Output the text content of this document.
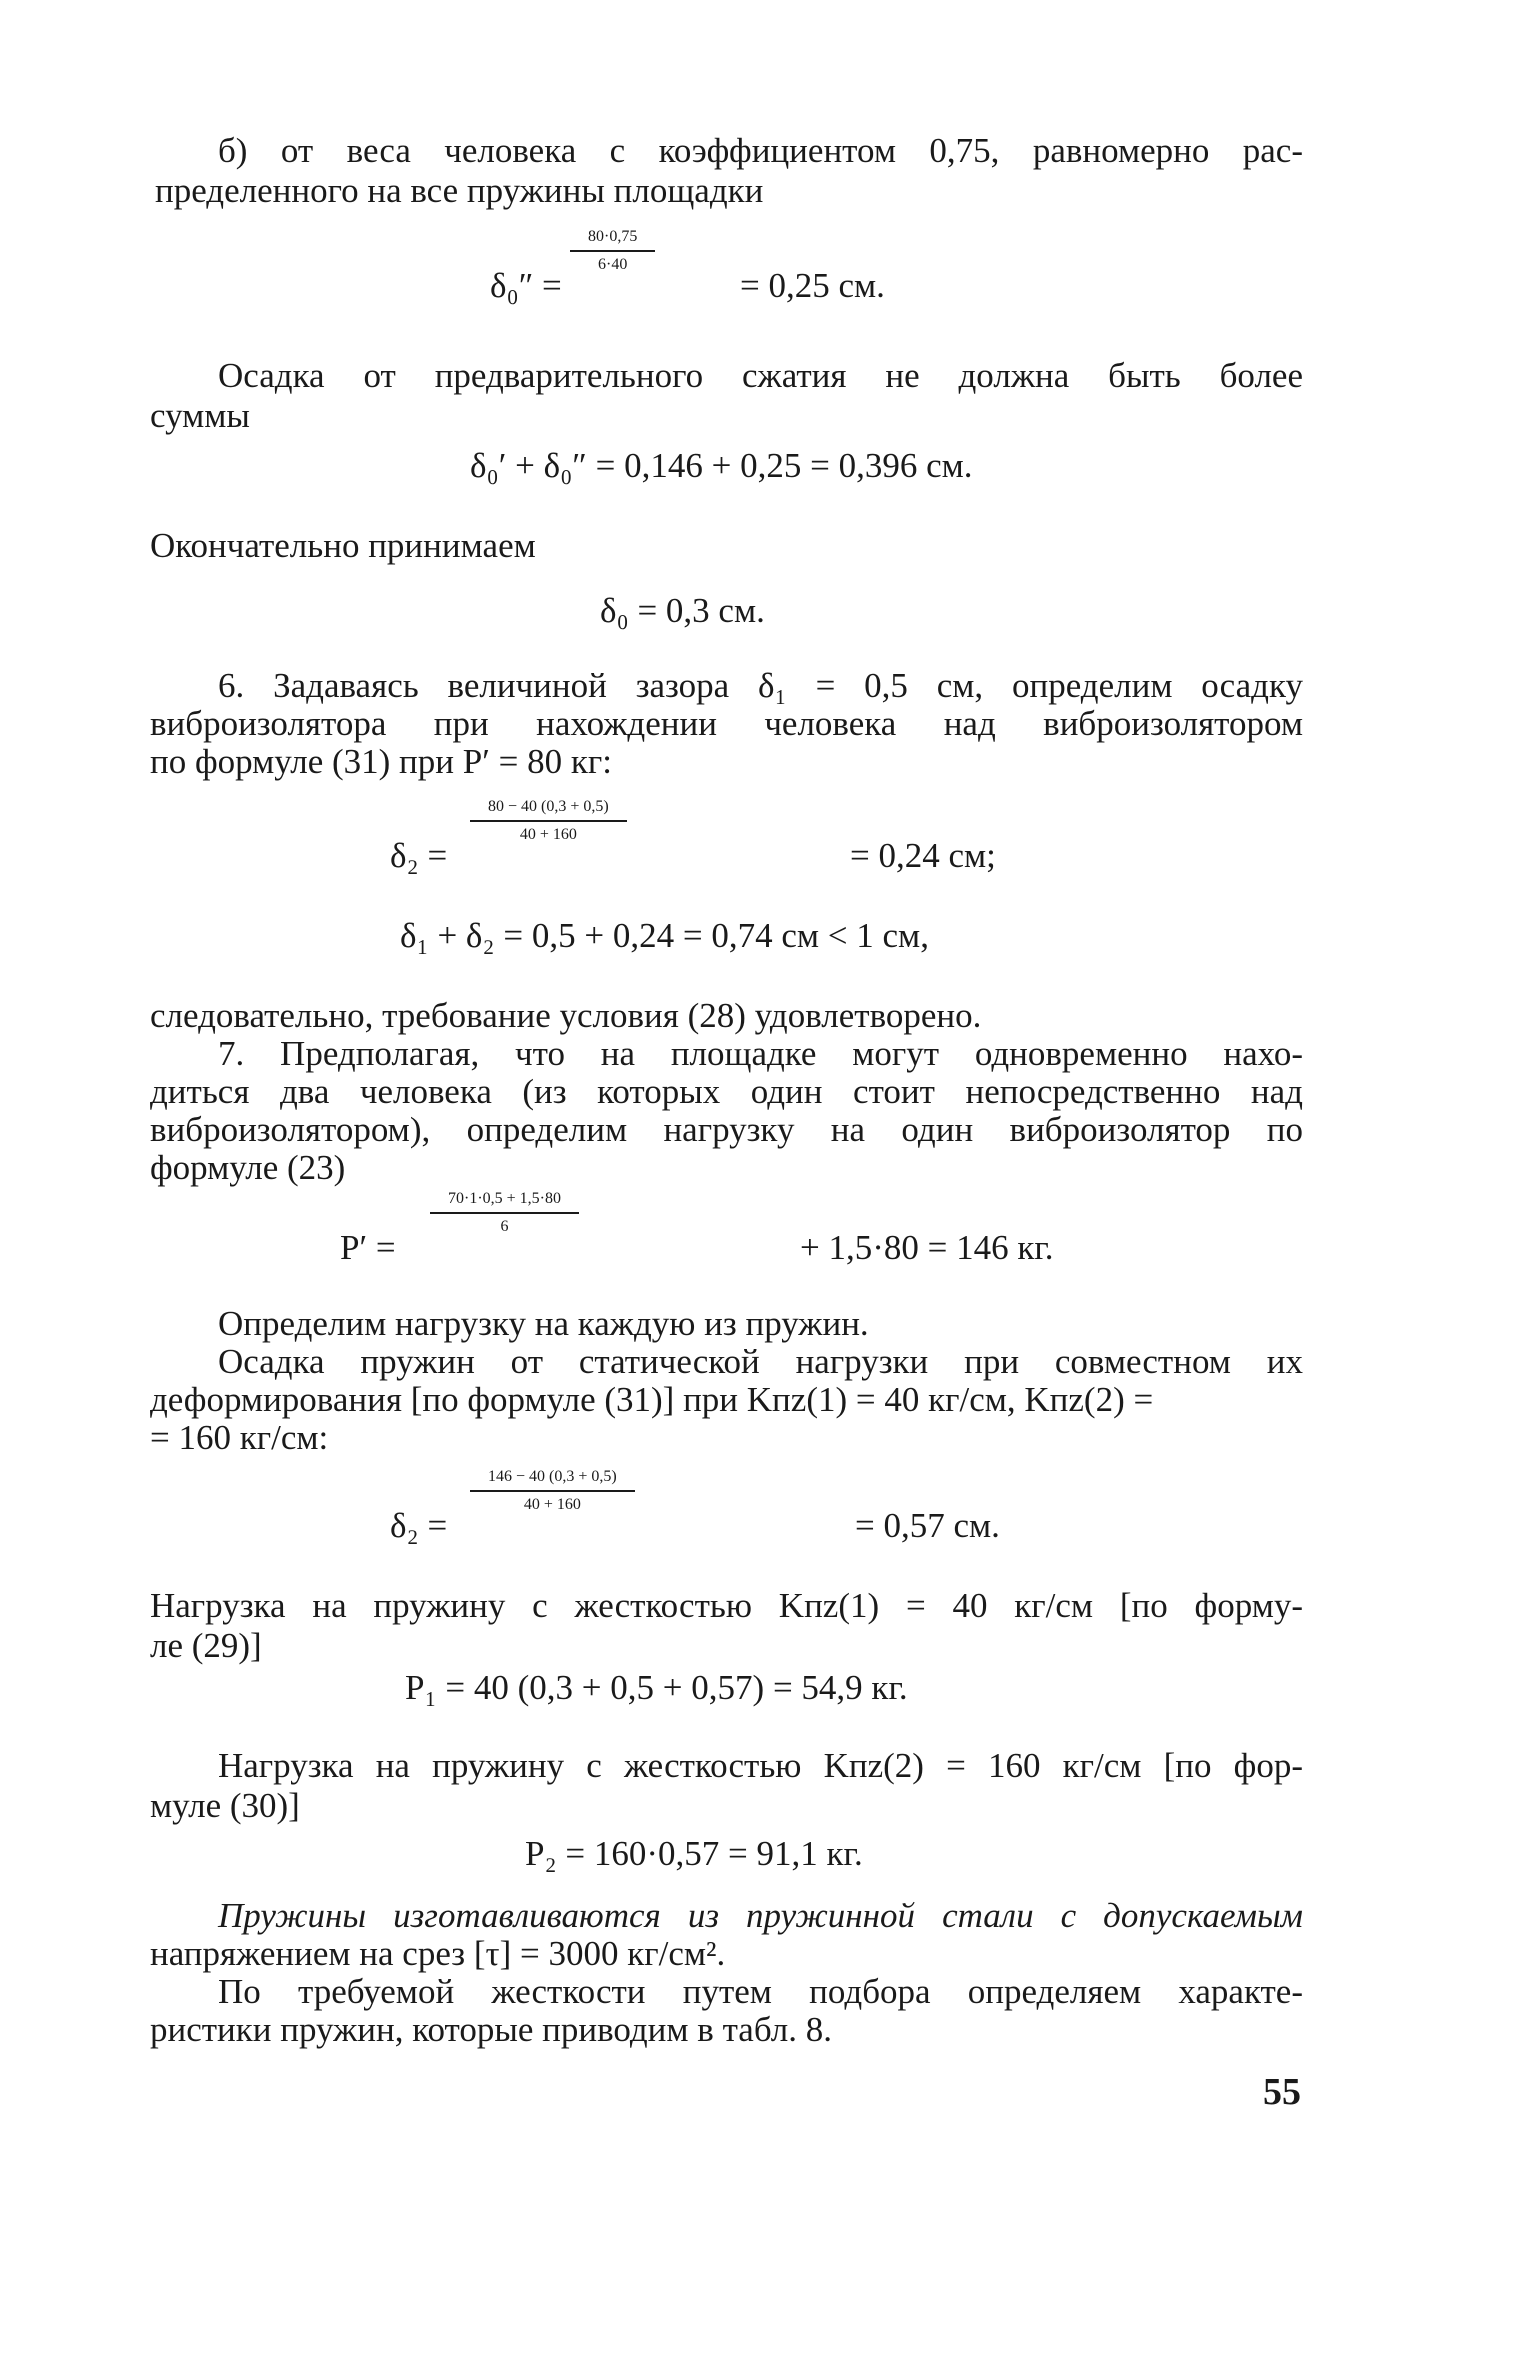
б) от веса человека с коэффициентом 0,75, равномерно рас-
пределенного на все пружины площадки
δ₀″ =
$\frac{80\cdot 0,75}{6\cdot 40}$
= 0,25 см.
Осадка от предварительного сжатия не должна быть более
суммы
δ₀′ + δ₀″ = 0,146 + 0,25 = 0,396 см.
Окончательно принимаем
δ₀ = 0,3 см.
6. Задаваясь величиной зазора δ₁ = 0,5 см, определим осадку
виброизолятора при нахождении человека над виброизолятором
по формуле (31) при P′ = 80 кг:
δ₂ =
$\frac{80 - 40 (0,3 + 0,5)}{40 + 160}$
= 0,24 см;
δ₁ + δ₂ = 0,5 + 0,24 = 0,74 см < 1 см,
следовательно, требование условия (28) удовлетворено.
7. Предполагая, что на площадке могут одновременно нахо-
диться два человека (из которых один стоит непосредственно над
виброизолятором), определим нагрузку на один виброизолятор по
формуле (23)
P′ =
$\frac{70\cdot 1\cdot 0,5 + 1,5\cdot 80}{6}$
+ 1,5·80 = 146 кг.
Определим нагрузку на каждую из пружин.
Осадка пружин от статической нагрузки при совместном их
деформирования [по формуле (31)] при Kпz(1) = 40 кг/см, Kпz(2) =
= 160 кг/см:
δ₂ =
$\frac{146 - 40 (0,3 + 0,5)}{40 + 160}$
= 0,57 см.
Нагрузка на пружину с жесткостью Kпz(1) = 40 кг/см [по форму-
ле (29)]
P₁ = 40 (0,3 + 0,5 + 0,57) = 54,9 кг.
Нагрузка на пружину с жесткостью Kпz(2) = 160 кг/см [по фор-
муле (30)]
P₂ = 160·0,57 = 91,1 кг.
Пружины изготавливаются из пружинной стали с допускаемым
напряжением на срез [τ] = 3000 кг/см².
По требуемой жесткости путем подбора определяем характе-
ристики пружин, которые приводим в табл. 8.
55
